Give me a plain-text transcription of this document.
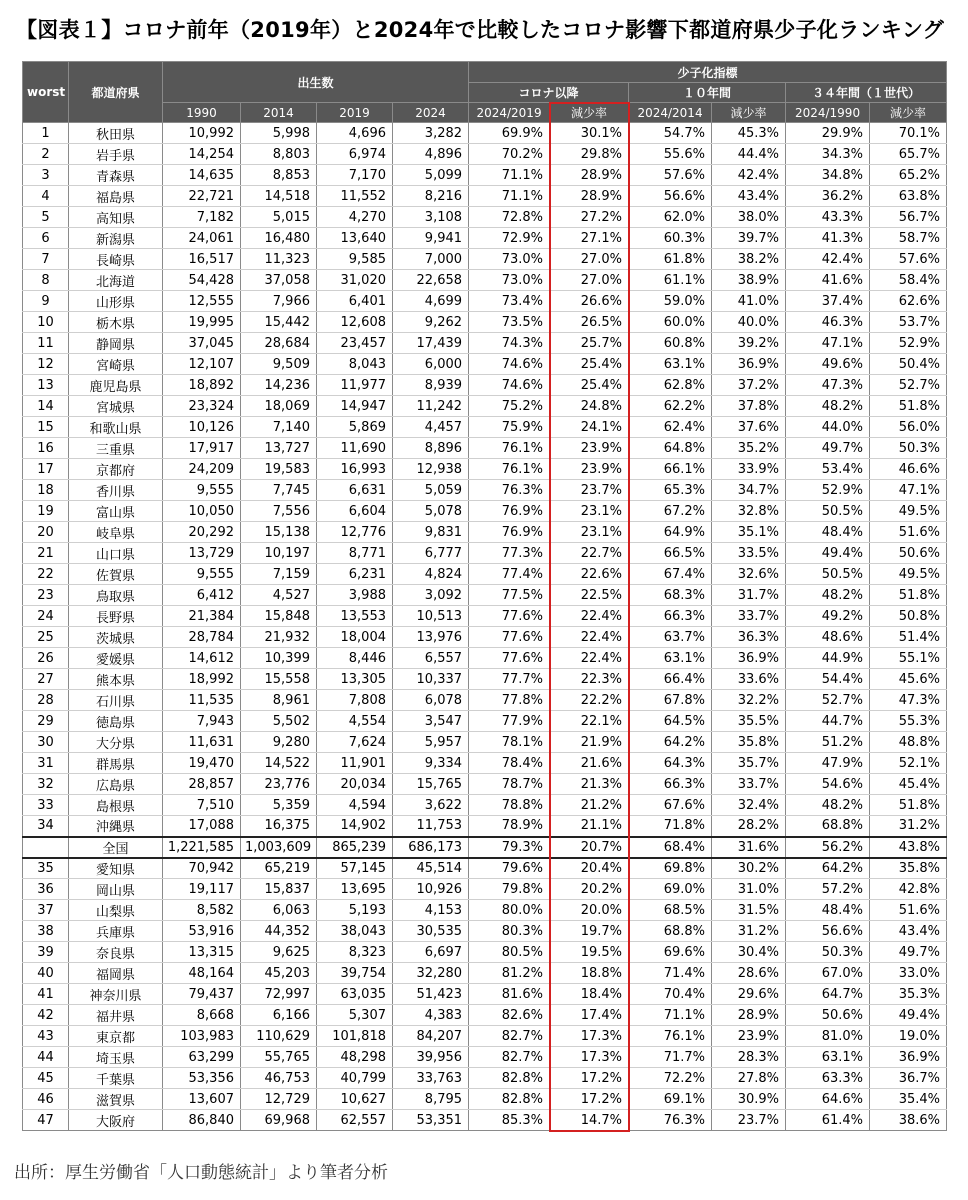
【図表１】コロナ前年（2019年）と2024年で比較したコロナ影響下都道府県少子化ランキング
worst	都道府県	出生数				少子化指標					
						コロナ以降		１０年間		３４年間（１世代）	
		1990	2014	2019	2024	2024/2019	減少率	2024/2014	減少率	2024/1990	減少率
1	秋田県	10,992	5,998	4,696	3,282	69.9%	30.1%	54.7%	45.3%	29.9%	70.1%
2	岩手県	14,254	8,803	6,974	4,896	70.2%	29.8%	55.6%	44.4%	34.3%	65.7%
3	青森県	14,635	8,853	7,170	5,099	71.1%	28.9%	57.6%	42.4%	34.8%	65.2%
4	福島県	22,721	14,518	11,552	8,216	71.1%	28.9%	56.6%	43.4%	36.2%	63.8%
5	高知県	7,182	5,015	4,270	3,108	72.8%	27.2%	62.0%	38.0%	43.3%	56.7%
6	新潟県	24,061	16,480	13,640	9,941	72.9%	27.1%	60.3%	39.7%	41.3%	58.7%
7	長崎県	16,517	11,323	9,585	7,000	73.0%	27.0%	61.8%	38.2%	42.4%	57.6%
8	北海道	54,428	37,058	31,020	22,658	73.0%	27.0%	61.1%	38.9%	41.6%	58.4%
9	山形県	12,555	7,966	6,401	4,699	73.4%	26.6%	59.0%	41.0%	37.4%	62.6%
10	栃木県	19,995	15,442	12,608	9,262	73.5%	26.5%	60.0%	40.0%	46.3%	53.7%
11	静岡県	37,045	28,684	23,457	17,439	74.3%	25.7%	60.8%	39.2%	47.1%	52.9%
12	宮崎県	12,107	9,509	8,043	6,000	74.6%	25.4%	63.1%	36.9%	49.6%	50.4%
13	鹿児島県	18,892	14,236	11,977	8,939	74.6%	25.4%	62.8%	37.2%	47.3%	52.7%
14	宮城県	23,324	18,069	14,947	11,242	75.2%	24.8%	62.2%	37.8%	48.2%	51.8%
15	和歌山県	10,126	7,140	5,869	4,457	75.9%	24.1%	62.4%	37.6%	44.0%	56.0%
16	三重県	17,917	13,727	11,690	8,896	76.1%	23.9%	64.8%	35.2%	49.7%	50.3%
17	京都府	24,209	19,583	16,993	12,938	76.1%	23.9%	66.1%	33.9%	53.4%	46.6%
18	香川県	9,555	7,745	6,631	5,059	76.3%	23.7%	65.3%	34.7%	52.9%	47.1%
19	富山県	10,050	7,556	6,604	5,078	76.9%	23.1%	67.2%	32.8%	50.5%	49.5%
20	岐阜県	20,292	15,138	12,776	9,831	76.9%	23.1%	64.9%	35.1%	48.4%	51.6%
21	山口県	13,729	10,197	8,771	6,777	77.3%	22.7%	66.5%	33.5%	49.4%	50.6%
22	佐賀県	9,555	7,159	6,231	4,824	77.4%	22.6%	67.4%	32.6%	50.5%	49.5%
23	鳥取県	6,412	4,527	3,988	3,092	77.5%	22.5%	68.3%	31.7%	48.2%	51.8%
24	長野県	21,384	15,848	13,553	10,513	77.6%	22.4%	66.3%	33.7%	49.2%	50.8%
25	茨城県	28,784	21,932	18,004	13,976	77.6%	22.4%	63.7%	36.3%	48.6%	51.4%
26	愛媛県	14,612	10,399	8,446	6,557	77.6%	22.4%	63.1%	36.9%	44.9%	55.1%
27	熊本県	18,992	15,558	13,305	10,337	77.7%	22.3%	66.4%	33.6%	54.4%	45.6%
28	石川県	11,535	8,961	7,808	6,078	77.8%	22.2%	67.8%	32.2%	52.7%	47.3%
29	徳島県	7,943	5,502	4,554	3,547	77.9%	22.1%	64.5%	35.5%	44.7%	55.3%
30	大分県	11,631	9,280	7,624	5,957	78.1%	21.9%	64.2%	35.8%	51.2%	48.8%
31	群馬県	19,470	14,522	11,901	9,334	78.4%	21.6%	64.3%	35.7%	47.9%	52.1%
32	広島県	28,857	23,776	20,034	15,765	78.7%	21.3%	66.3%	33.7%	54.6%	45.4%
33	島根県	7,510	5,359	4,594	3,622	78.8%	21.2%	67.6%	32.4%	48.2%	51.8%
34	沖縄県	17,088	16,375	14,902	11,753	78.9%	21.1%	71.8%	28.2%	68.8%	31.2%
	全国	1,221,585	1,003,609	865,239	686,173	79.3%	20.7%	68.4%	31.6%	56.2%	43.8%
35	愛知県	70,942	65,219	57,145	45,514	79.6%	20.4%	69.8%	30.2%	64.2%	35.8%
36	岡山県	19,117	15,837	13,695	10,926	79.8%	20.2%	69.0%	31.0%	57.2%	42.8%
37	山梨県	8,582	6,063	5,193	4,153	80.0%	20.0%	68.5%	31.5%	48.4%	51.6%
38	兵庫県	53,916	44,352	38,043	30,535	80.3%	19.7%	68.8%	31.2%	56.6%	43.4%
39	奈良県	13,315	9,625	8,323	6,697	80.5%	19.5%	69.6%	30.4%	50.3%	49.7%
40	福岡県	48,164	45,203	39,754	32,280	81.2%	18.8%	71.4%	28.6%	67.0%	33.0%
41	神奈川県	79,437	72,997	63,035	51,423	81.6%	18.4%	70.4%	29.6%	64.7%	35.3%
42	福井県	8,668	6,166	5,307	4,383	82.6%	17.4%	71.1%	28.9%	50.6%	49.4%
43	東京都	103,983	110,629	101,818	84,207	82.7%	17.3%	76.1%	23.9%	81.0%	19.0%
44	埼玉県	63,299	55,765	48,298	39,956	82.7%	17.3%	71.7%	28.3%	63.1%	36.9%
45	千葉県	53,356	46,753	40,799	33,763	82.8%	17.2%	72.2%	27.8%	63.3%	36.7%
46	滋賀県	13,607	12,729	10,627	8,795	82.8%	17.2%	69.1%	30.9%	64.6%	35.4%
47	大阪府	86,840	69,968	62,557	53,351	85.3%	14.7%	76.3%	23.7%	61.4%	38.6%
出所：厚生労働省「人口動態統計」より筆者分析
